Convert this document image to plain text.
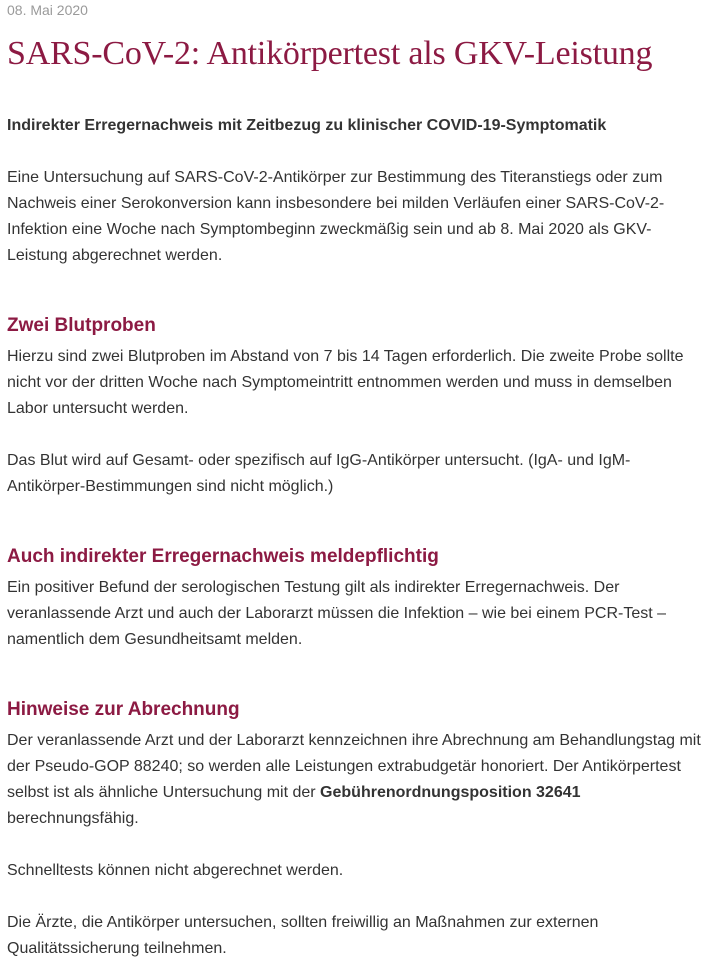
08. Mai 2020

SARS-CoV-2: Antikörpertest als GKV-Leistung

Indirekter Erregernachweis mit Zeitbezug zu klinischer COVID-19-Symptomatik

Eine Untersuchung auf SARS-CoV-2-Antikörper zur Bestimmung des Titeranstiegs oder zum Nachweis einer Serokonversion kann insbesondere bei milden Verläufen einer SARS-CoV-2-Infektion eine Woche nach Symptombeginn zweckmäßig sein und ab 8. Mai 2020 als GKV-Leistung abgerechnet werden.

Zwei Blutproben

Hierzu sind zwei Blutproben im Abstand von 7 bis 14 Tagen erforderlich. Die zweite Probe sollte nicht vor der dritten Woche nach Symptomeintritt entnommen werden und muss in demselben Labor untersucht werden.

Das Blut wird auf Gesamt- oder spezifisch auf IgG-Antikörper untersucht. (IgA- und IgM-Antikörper-Bestimmungen sind nicht möglich.)

Auch indirekter Erregernachweis meldepflichtig

Ein positiver Befund der serologischen Testung gilt als indirekter Erregernachweis. Der veranlassende Arzt und auch der Laborarzt müssen die Infektion – wie bei einem PCR-Test – namentlich dem Gesundheitsamt melden.

Hinweise zur Abrechnung

Der veranlassende Arzt und der Laborarzt kennzeichnen ihre Abrechnung am Behandlungstag mit der Pseudo-GOP 88240; so werden alle Leistungen extrabudgetär honoriert. Der Antikörpertest selbst ist als ähnliche Untersuchung mit der Gebührenordnungsposition 32641 berechnungsfähig.

Schnelltests können nicht abgerechnet werden.

Die Ärzte, die Antikörper untersuchen, sollten freiwillig an Maßnahmen zur externen Qualitätssicherung teilnehmen.
